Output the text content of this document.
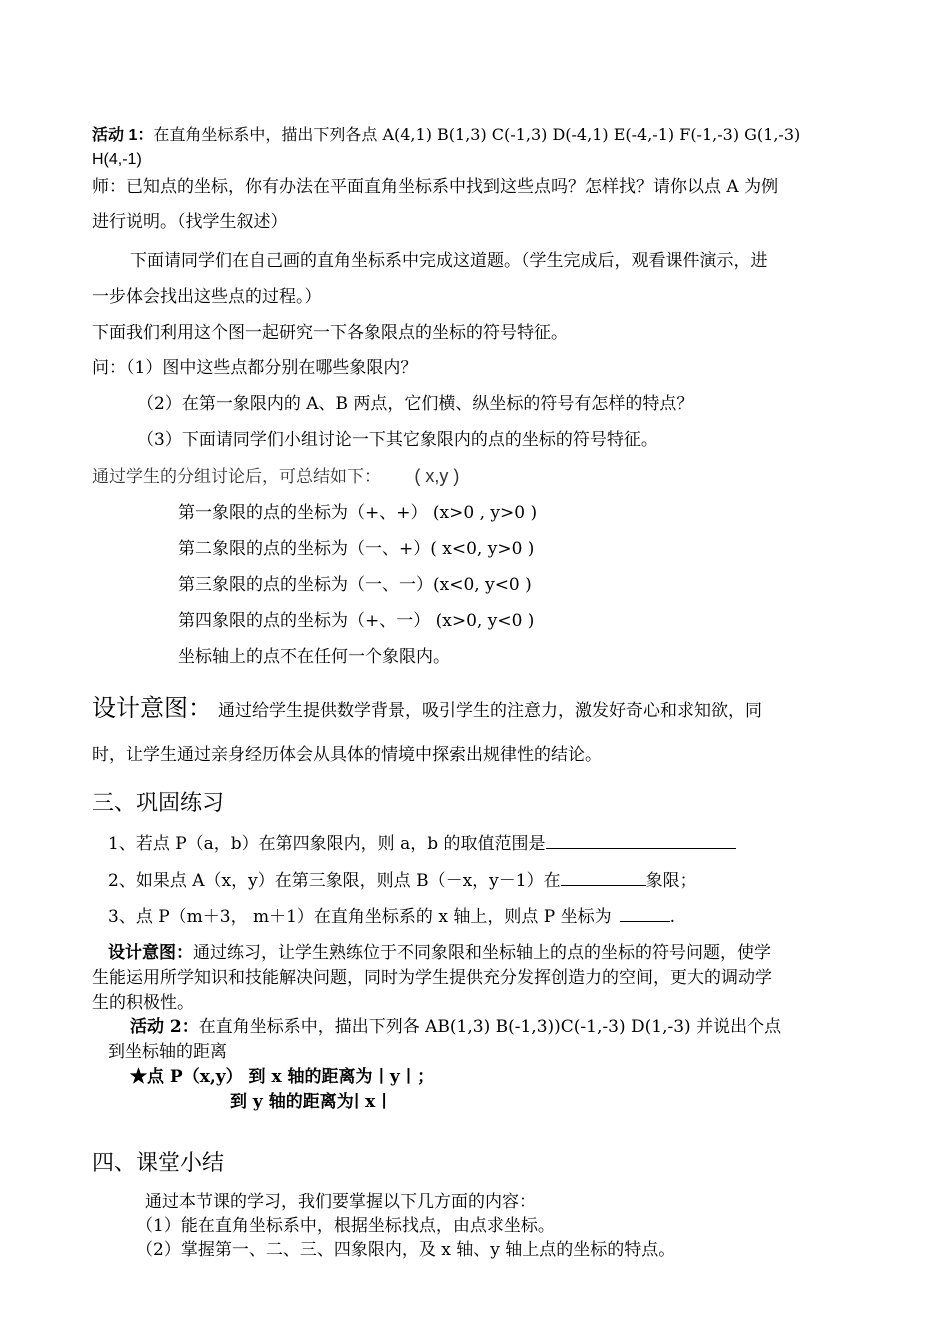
活动 1：在直角坐标系中，描出下列各点 A(4,1) B(1,3) C(-1,3) D(-4,1) E(-4,-1) F(-1,-3) G(1,-3)
H(4,-1)
师：已知点的坐标，你有办法在平面直角坐标系中找到这些点吗？怎样找？请你以点 A 为例
进行说明。（找学生叙述）
下面请同学们在自己画的直角坐标系中完成这道题。（学生完成后，观看课件演示，进
一步体会找出这些点的过程。）
下面我们利用这个图一起研究一下各象限点的坐标的符号特征。
问：（1）图中这些点都分别在哪些象限内？
（2）在第一象限内的 A、B 两点，它们横、纵坐标的符号有怎样的特点？
（3）下面请同学们小组讨论一下其它象限内的点的坐标的符号特征。
通过学生的分组讨论后，可总结如下： ( x,y )
第一象限的点的坐标为（+、+） (x>0 , y>0 )
第二象限的点的坐标为（一、+）( x<0, y>0 )
第三象限的点的坐标为（一、一）(x<0, y<0 )
第四象限的点的坐标为（+、一） (x>0, y<0 )
坐标轴上的点不在任何一个象限内。
设计意图： 通过给学生提供数学背景，吸引学生的注意力，激发好奇心和求知欲，同
时，让学生通过亲身经历体会从具体的情境中探索出规律性的结论。
三、巩固练习
1、若点 P（a，b）在第四象限内，则 a，b 的取值范围是
2、如果点 A（x，y）在第三象限，则点 B（－x，y－1）在	象限；
3、点 P（m＋3， m＋1）在直角坐标系的 x 轴上，则点 P 坐标为	.
设计意图：通过练习，让学生熟练位于不同象限和坐标轴上的点的坐标的符号问题，使学
生能运用所学知识和技能解决问题，同时为学生提供充分发挥创造力的空间，更大的调动学
生的积极性。
活动 2：在直角坐标系中，描出下列各 AB(1,3) B(-1,3))C(-1,-3) D(1,-3) 并说出个点
到坐标轴的距离
★点 P（x,y） 到 x 轴的距离为 ∣ y ∣ ；
到 y 轴的距离为∣ x ∣
四、课堂小结
通过本节课的学习，我们要掌握以下几方面的内容：
（1）能在直角坐标系中，根据坐标找点，由点求坐标。
（2）掌握第一、二、三、四象限内，及 x 轴、y 轴上点的坐标的特点。
